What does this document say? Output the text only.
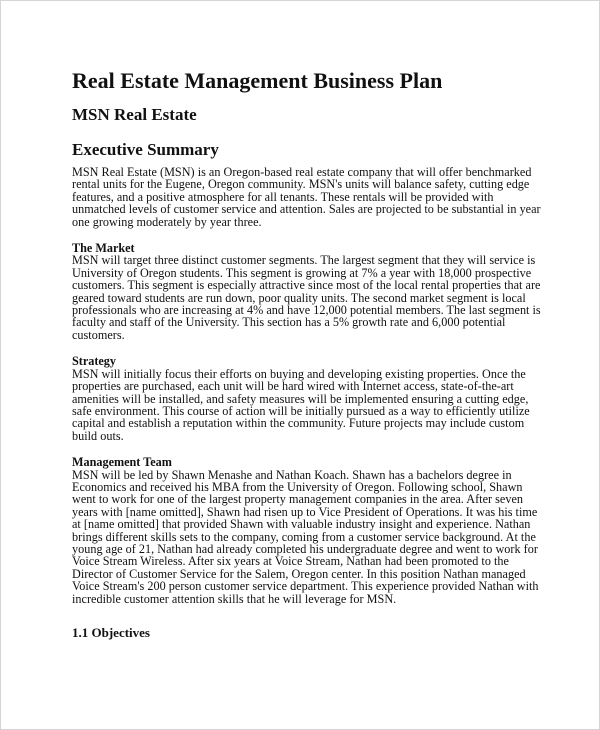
Real Estate Management Business Plan
MSN Real Estate
Executive Summary

MSN Real Estate (MSN) is an Oregon-based real estate company that will offer benchmarked rental units for the Eugene, Oregon community. MSN's units will balance safety, cutting edge features, and a positive atmosphere for all tenants. These rentals will be provided with unmatched levels of customer service and attention. Sales are projected to be substantial in year one growing moderately by year three.

The Market

MSN will target three distinct customer segments. The largest segment that they will service is University of Oregon students. This segment is growing at 7% a year with 18,000 prospective customers. This segment is especially attractive since most of the local rental properties that are geared toward students are run down, poor quality units. The second market segment is local professionals who are increasing at 4% and have 12,000 potential members. The last segment is faculty and staff of the University. This section has a 5% growth rate and 6,000 potential customers.

Strategy

MSN will initially focus their efforts on buying and developing existing properties. Once the properties are purchased, each unit will be hard wired with Internet access, state-of-the-art amenities will be installed, and safety measures will be implemented ensuring a cutting edge, safe environment. This course of action will be initially pursued as a way to efficiently utilize capital and establish a reputation within the community. Future projects may include custom build outs.

Management Team

MSN will be led by Shawn Menashe and Nathan Koach. Shawn has a bachelors degree in Economics and received his MBA from the University of Oregon. Following school, Shawn went to work for one of the largest property management companies in the area. After seven years with [name omitted], Shawn had risen up to Vice President of Operations. It was his time at [name omitted] that provided Shawn with valuable industry insight and experience. Nathan brings different skills sets to the company, coming from a customer service background. At the young age of 21, Nathan had already completed his undergraduate degree and went to work for Voice Stream Wireless. After six years at Voice Stream, Nathan had been promoted to the Director of Customer Service for the Salem, Oregon center. In this position Nathan managed Voice Stream's 200 person customer service department. This experience provided Nathan with incredible customer attention skills that he will leverage for MSN.

1.1 Objectives
